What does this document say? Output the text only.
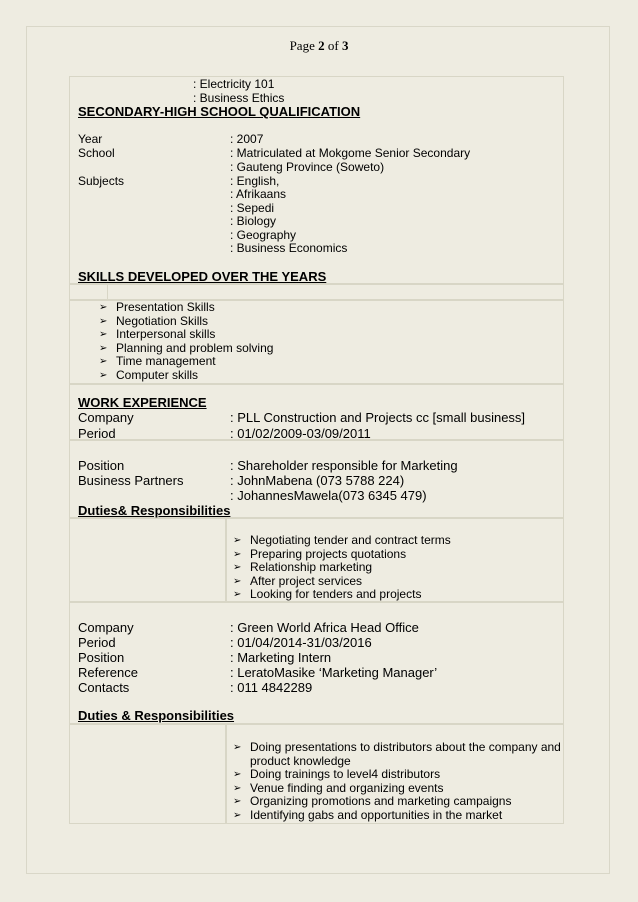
Page 2 of 3
: Electricity 101
: Business Ethics
SECONDARY-HIGH SCHOOL QUALIFICATION
Year	: 2007
School	: Matriculated at Mokgome Senior Secondary
: Gauteng Province (Soweto)
Subjects	: English,
: Afrikaans
: Sepedi
: Biology
: Geography
: Business Economics
SKILLS DEVELOPED OVER THE YEARS
➢ Presentation Skills
➢ Negotiation Skills
➢ Interpersonal skills
➢ Planning and problem solving
➢ Time management
➢ Computer skills
WORK EXPERIENCE
Company	: PLL Construction and Projects cc [small business]
Period	: 01/02/2009-03/09/2011
Position	: Shareholder responsible for Marketing
Business Partners	: JohnMabena (073 5788 224)
: JohannesMawela(073 6345 479)
Duties& Responsibilities
➢ Negotiating tender and contract terms
➢ Preparing projects quotations
➢ Relationship marketing
➢ After project services
➢ Looking for tenders and projects
Company	: Green World Africa Head Office
Period	: 01/04/2014-31/03/2016
Position	: Marketing Intern
Reference	: LeratoMasike ‘Marketing Manager’
Contacts	: 011 4842289
Duties & Responsibilities
➢ Doing presentations to distributors about the company and product knowledge
➢ Doing trainings to level4 distributors
➢ Venue finding and organizing events
➢ Organizing promotions and marketing campaigns
➢ Identifying gabs and opportunities in the market
